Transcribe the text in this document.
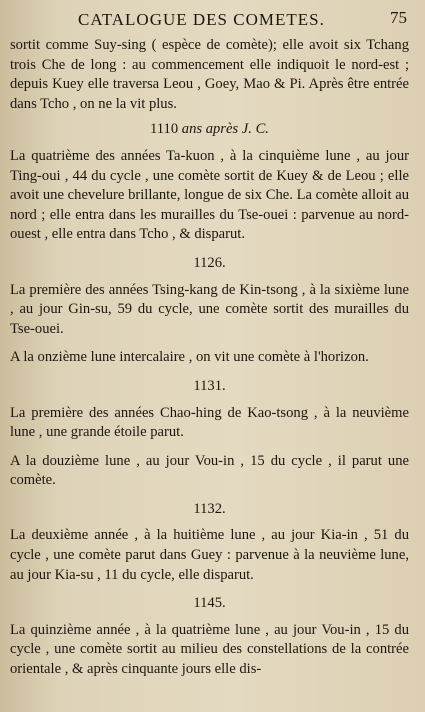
CATALOGUE DES COMETES.	75

sortit comme Suy-sing ( espèce de comète); elle avoit six Tchang trois Che de long : au commencement elle indiquoit le nord-est ; depuis Kuey elle traversa Leou , Goey, Mao & Pi. Après être entrée dans Tcho , on ne la vit plus.

1110 ans après J. C.

La quatrième des années Ta-kuon , à la cinquième lune , au jour Ting-oui , 44 du cycle , une comète sortit de Kuey & de Leou ; elle avoit une chevelure brillante, longue de six Che. La comète alloit au nord ; elle entra dans les murailles du Tse-ouei : parvenue au nord-ouest , elle entra dans Tcho , & disparut.

1126.

La première des années Tsing-kang de Kin-tsong , à la sixième lune , au jour Gin-su, 59 du cycle, une comète sortit des murailles du Tse-ouei.

A la onzième lune intercalaire , on vit une comète à l'horizon.

1131.

La première des années Chao-hing de Kao-tsong , à la neuvième lune , une grande étoile parut.

A la douzième lune , au jour Vou-in , 15 du cycle , il parut une comète.

1132.

La deuxième année , à la huitième lune , au jour Kia-in , 51 du cycle , une comète parut dans Guey : parvenue à la neuvième lune, au jour Kia-su , 11 du cycle, elle disparut.

1145.

La quinzième année , à la quatrième lune , au jour Vou-in , 15 du cycle , une comète sortit au milieu des constellations de la contrée orientale , & après cinquante jours elle dis-
